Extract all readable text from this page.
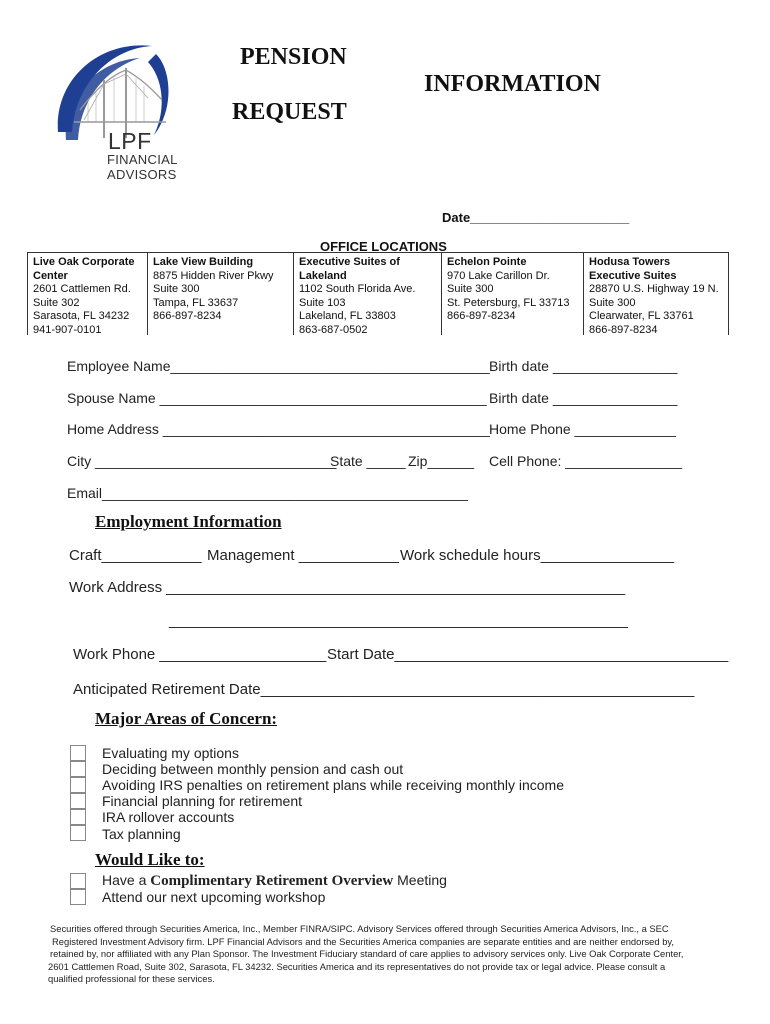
LPF
FINANCIAL
ADVISORS
PENSION
INFORMATION
REQUEST
Date______________________
OFFICE LOCATIONS
Live Oak Corporate
Center
2601 Cattlemen Rd.
Suite 302
Sarasota, FL 34232
941-907-0101
Lake View Building
8875 Hidden River Pkwy
Suite 300
Tampa, FL 33637
866-897-8234
Executive Suites of
Lakeland
1102 South Florida Ave.
Suite 103
Lakeland, FL 33803
863-687-0502
Echelon Pointe
970 Lake Carillon Dr.
Suite 300
St. Petersburg, FL 33713
866-897-8234
Hodusa Towers
Executive Suites
28870 U.S. Highway 19 N.
Suite 300
Clearwater, FL 33761
866-897-8234
Employee Name_________________________________________ Birth date ________________
Spouse Name __________________________________________ Birth date ________________
Home Address __________________________________________ Home Phone _____________
City _______________________________
State _____ Zip______ Cell Phone: _______________
Email_______________________________________________
Employment Information
Craft____________ Management ____________ Work schedule hours________________
Work Address _______________________________________________________
_______________________________________________________
Work Phone ____________________ Start Date________________________________________
Anticipated Retirement Date____________________________________________________
Major Areas of Concern:
Evaluating my options
Deciding between monthly pension and cash out
Avoiding IRS penalties on retirement plans while receiving monthly income
Financial planning for retirement
IRA rollover accounts
Tax planning
Would Like to:
Have a Complimentary Retirement Overview Meeting
Attend our next upcoming workshop
Securities offered through Securities America, Inc., Member FINRA/SIPC. Advisory Services offered through Securities America Advisors, Inc., a SEC
Registered Investment Advisory firm. LPF Financial Advisors and the Securities America companies are separate entities and are neither endorsed by,
retained by, nor affiliated with any Plan Sponsor. The Investment Fiduciary standard of care applies to advisory services only. Live Oak Corporate Center,
2601 Cattlemen Road, Suite 302, Sarasota, FL 34232. Securities America and its representatives do not provide tax or legal advice. Please consult a
qualified professional for these services.
